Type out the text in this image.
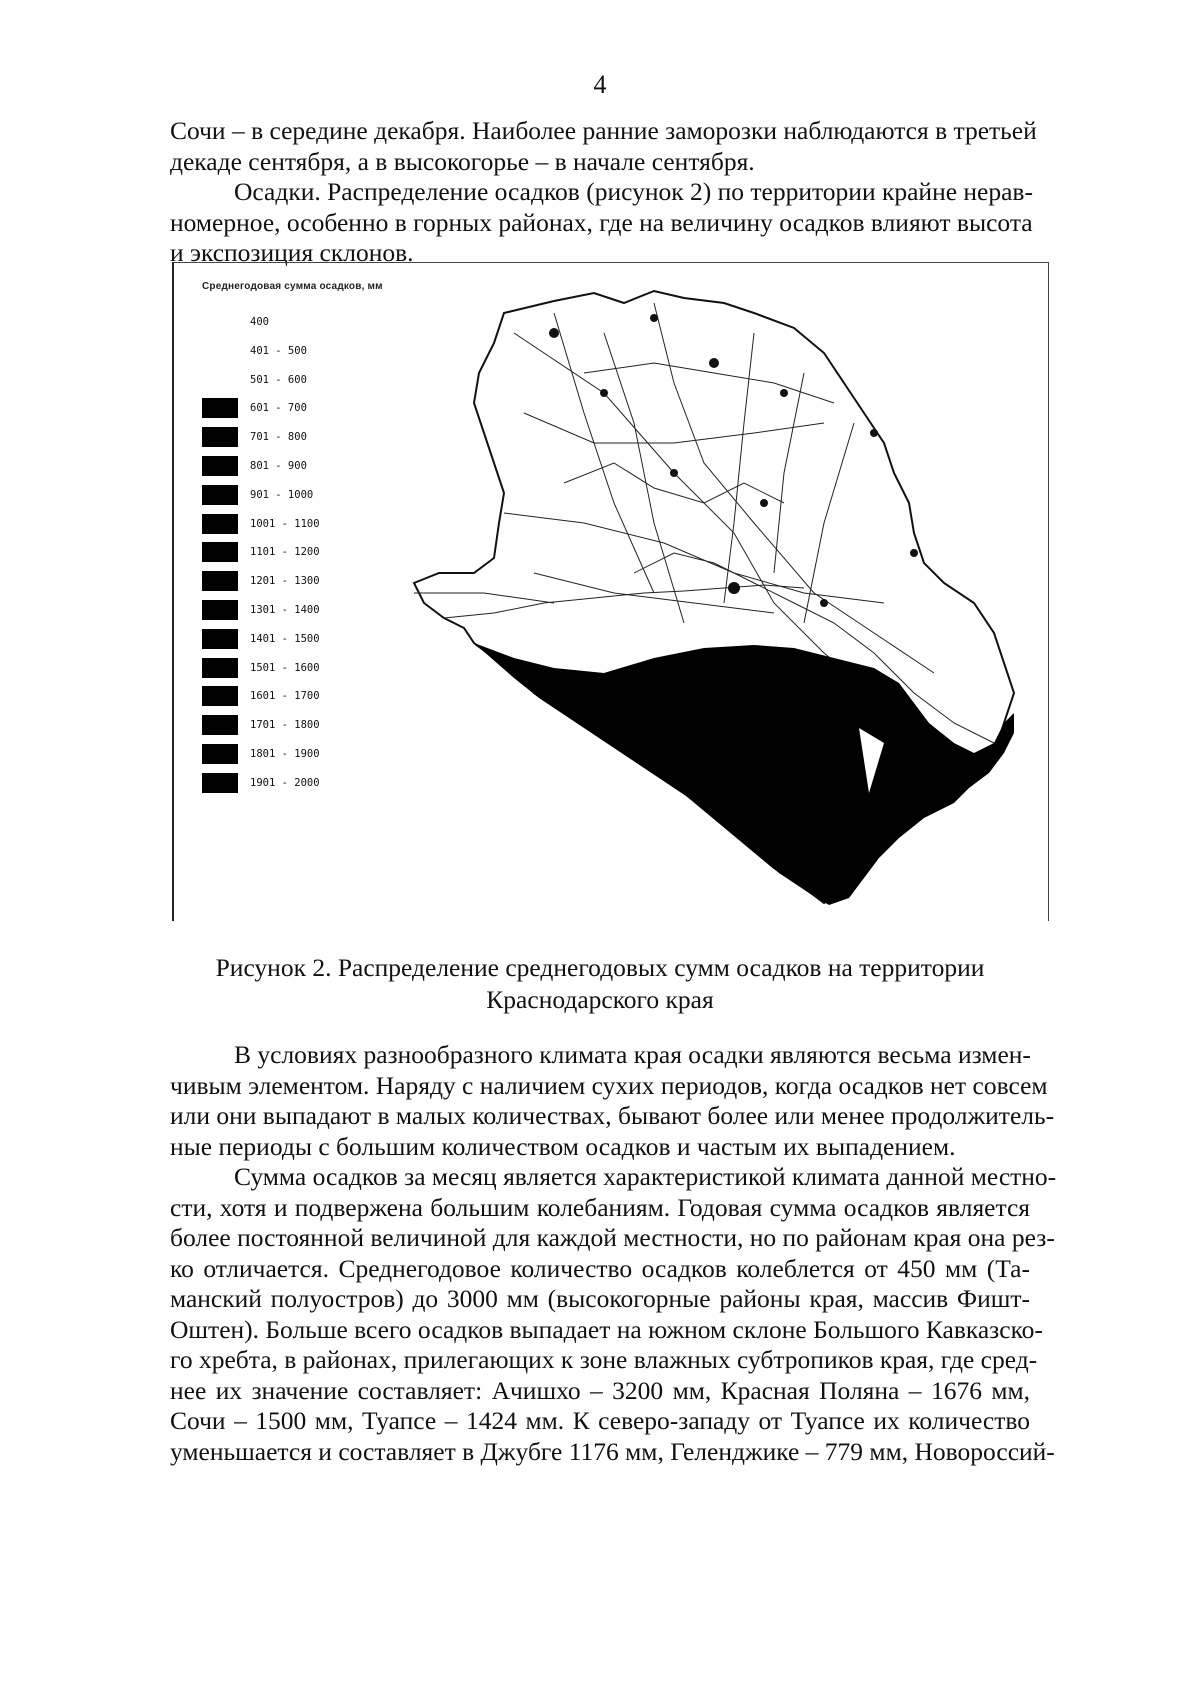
4
Сочи – в середине декабря. Наиболее ранние заморозки наблюдаются в третьей
декаде сентября, а в высокогорье – в начале сентября.
Осадки. Распределение осадков (рисунок 2) по территории крайне нерав-
номерное, особенно в горных районах, где на величину осадков влияют высота
и экспозиция склонов.
Среднегодовая сумма осадков, мм
400
401 - 500
501 - 600
601 - 700
701 - 800
801 - 900
901 - 1000
1001 - 1100
1101 - 1200
1201 - 1300
1301 - 1400
1401 - 1500
1501 - 1600
1601 - 1700
1701 - 1800
1801 - 1900
1901 - 2000
Рисунок 2. Распределение среднегодовых сумм осадков на территории
Краснодарского края
В условиях разнообразного климата края осадки являются весьма измен-
чивым элементом. Наряду с наличием сухих периодов, когда осадков нет совсем
или они выпадают в малых количествах, бывают более или менее продолжитель-
ные периоды с большим количеством осадков и частым их выпадением.
Сумма осадков за месяц является характеристикой климата данной местно-
сти, хотя и подвержена большим колебаниям. Годовая сумма осадков является
более постоянной величиной для каждой местности, но по районам края она рез-
ко отличается. Среднегодовое количество осадков колеблется от 450 мм (Та-
манский полуостров) до 3000 мм (высокогорные районы края, массив Фишт-
Оштен). Больше всего осадков выпадает на южном склоне Большого Кавказско-
го хребта, в районах, прилегающих к зоне влажных субтропиков края, где сред-
нее их значение составляет: Ачишхо – 3200 мм, Красная Поляна – 1676 мм,
Сочи – 1500 мм, Туапсе – 1424 мм. К северо-западу от Туапсе их количество
уменьшается и составляет в Джубге 1176 мм, Геленджике – 779 мм, Новороссий-
